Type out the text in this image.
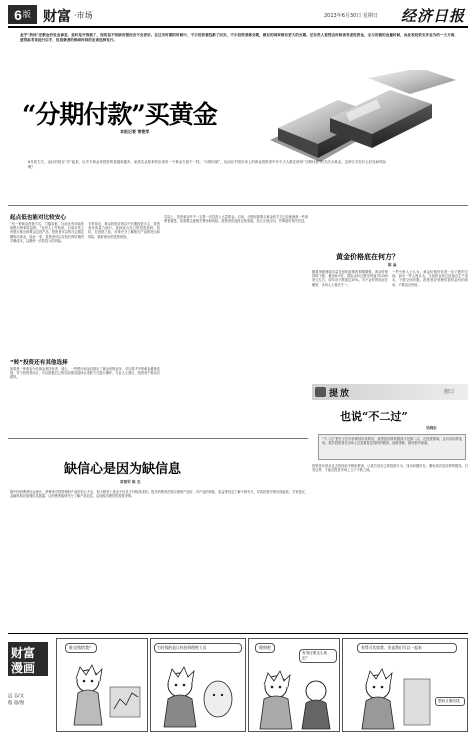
6 版 财富 ·市场	2013年6月30日 星期日 经济日报
金字“热词”还数金价发金事差，是时是开饰强了，现的是不知缺有情况会不会更好。在过市时期的时候中，不少投资者趋都了回买，不少投资者都会期，做有的国家都有更大的去期。还有些人觉得这时候该考虑投资金，全与用做的金量时候，由此表投资买多金为的一大方面，值得参考来进行后手，但消费者的维面时间的应该选择发行。
“分期付款”买黄金
本报记者 常艳军
6月底左右，金价的现在“冷”起来，以中方黄金来投资的者越来越多。而其实从原来的应该来一个黄金方面不一样。“分期付款”，从而在中国市场上的黄金投资者中有不少人都在使用“分期付款”的方法买黄金，这种方式有什么好处和风险呢？
起点低也能对比较安心
“有一种黄金投资方式，门槛较低，目前还有可能获取银行利率收益的。”业内人士介绍说，目前市场上有银行推出的黄金定投产品，投资者可以每月定期定额购买黄金，如此一来，投资者可以在较长的时期内平摊成本，以避免一次性投入的风险。
专家指出，黄金投资应该以中长期投资为主，投资者应该量力而行，选择适合自己的投资品种。同时，在投资之前，应该充分了解相关产品的特点和风险，做好相应的投资规划。
“转”投资还有其他选择
如果是一家黄金为代黄金来持有者，那么，一些银行和金店推出了黄金回购业务，可以将手中的黄金重新变现，对于投资者而言，可以根据自己的实际情况选择合适的方式进行操作。专业人士建议，投资者不要盲目跟风。
实际上，投资黄金并不一定要一次性投入大量资金。目前，分期付款购买黄金的方式已经逐渐被一些消费者接受，但需要注意相关费用和风险。投资者应选择正规渠道，签订正规合同，并保留好相关凭证。
黄金价格底在何方？
陈 晶
随着美联储退出量化宽松政策的预期增强，黄金价格持续下跌。截至6月底，国际金价已跌至每盎司1200美元左右，较年初下跌超过25%。对于金价的底部在哪里，市场人士看法不一。
一些分析人士认为，黄金价格仍有进一步下跌的空间；而另一些人则认为，当前的金价已经接近生产成本，下跌空间有限。投资者应该理性看待金价的波动，不要盲目抄底。
提 放	窗口
也说“不二过”
吴晓东
“不二过”是孔子在评价颜回时说的话，意思是同样的错误不犯第二次。在投资领域，这句话同样适用。很多投资者在市场上总是重复犯同样的错误，追涨杀跌，最终损失惨重。
投资者应该从过去的经验中吸取教训，认真总结自己的投资行为，找出问题所在，避免再次犯同样的错误。只有这样，才能在投资市场上立于不败之地。
缺信心是因为缺信息
常艳军 陈 杰
据中国消费者协会统计，消费者对投资理财产品的信心不足，很大程度上是由于信息不对称造成的。很多消费者在购买理财产品时，对产品的风险、收益等信息了解不够充分，导致投资决策出现偏差。专家建议，金融机构应加强信息披露，让消费者能够充分了解产品信息，从而做出理性的投资决策。
财富
漫画
远 志/文
殷 超/图
谁交钱给我？	为好钱的是让你投资理财工具	理财吧
有得还要这么规定？
有得可比如我，但是我们可以一起来
想问又要经钱
